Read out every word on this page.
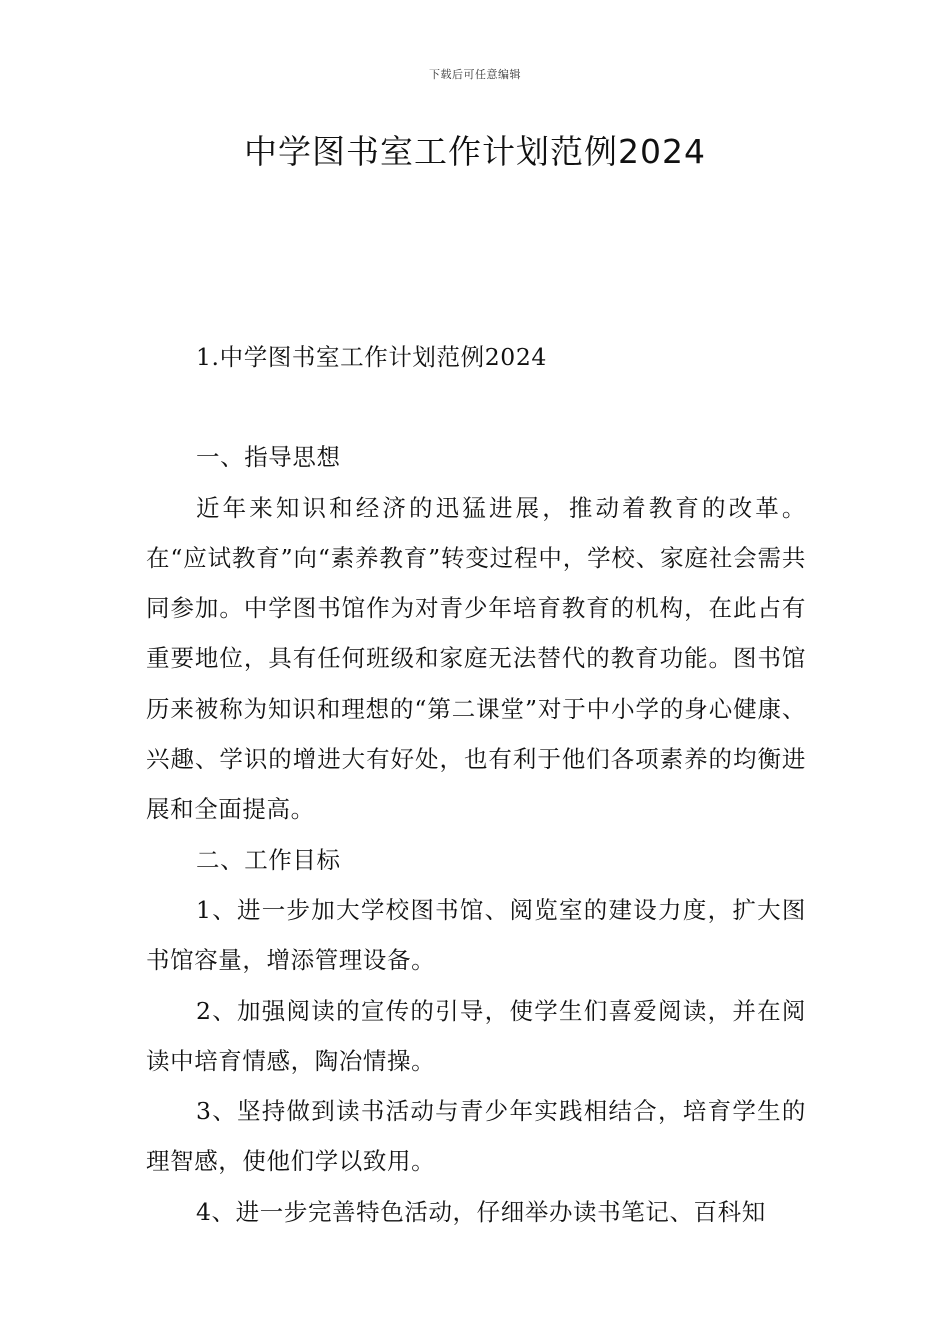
下载后可任意编辑
中学图书室工作计划范例2024

1.中学图书室工作计划范例2024

一、指导思想

近年来知识和经济的迅猛进展，推动着教育的改革。在“应试教育”向“素养教育”转变过程中，学校、家庭社会需共同参加。中学图书馆作为对青少年培育教育的机构，在此占有重要地位，具有任何班级和家庭无法替代的教育功能。图书馆历来被称为知识和理想的“第二课堂”对于中小学的身心健康、兴趣、学识的增进大有好处，也有利于他们各项素养的均衡进展和全面提高。

二、工作目标

1、进一步加大学校图书馆、阅览室的建设力度，扩大图书馆容量，增添管理设备。

2、加强阅读的宣传的引导，使学生们喜爱阅读，并在阅读中培育情感，陶冶情操。

3、坚持做到读书活动与青少年实践相结合，培育学生的理智感，使他们学以致用。

4、进一步完善特色活动，仔细举办读书笔记、百科知
